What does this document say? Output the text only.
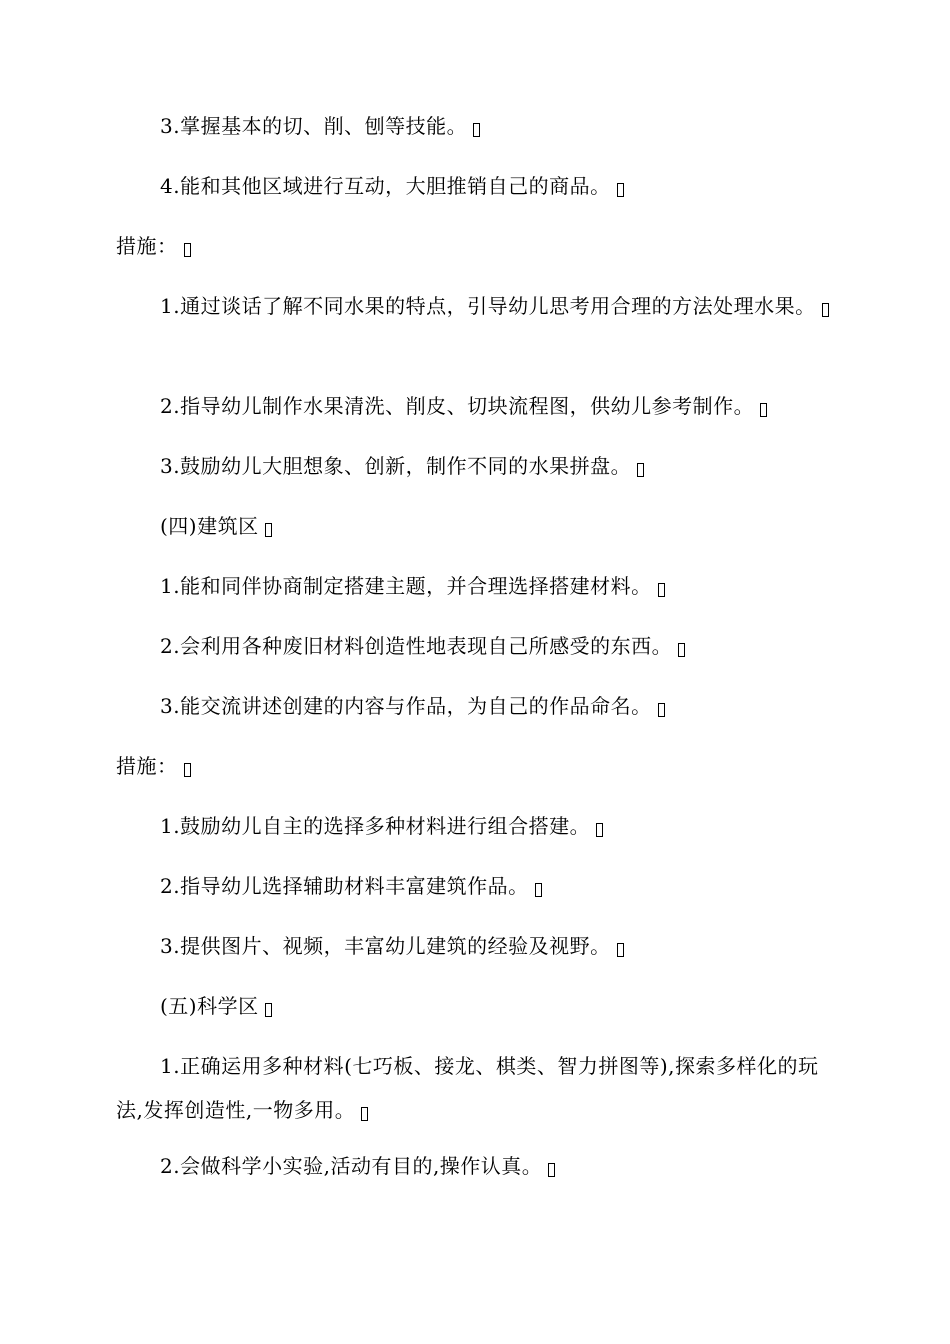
3.掌握基本的切、削、刨等技能。

4.能和其他区域进行互动，大胆推销自己的商品。

措施：

1.通过谈话了解不同水果的特点，引导幼儿思考用合理的方法处理水果。

2.指导幼儿制作水果清洗、削皮、切块流程图，供幼儿参考制作。

3.鼓励幼儿大胆想象、创新，制作不同的水果拼盘。

(四)建筑区

1.能和同伴协商制定搭建主题，并合理选择搭建材料。

2.会利用各种废旧材料创造性地表现自己所感受的东西。

3.能交流讲述创建的内容与作品，为自己的作品命名。

措施：

1.鼓励幼儿自主的选择多种材料进行组合搭建。

2.指导幼儿选择辅助材料丰富建筑作品。

3.提供图片、视频，丰富幼儿建筑的经验及视野。

(五)科学区

1.正确运用多种材料(七巧板、接龙、棋类、智力拼图等),探索多样化的玩法,发挥创造性,一物多用。

2.会做科学小实验,活动有目的,操作认真。
